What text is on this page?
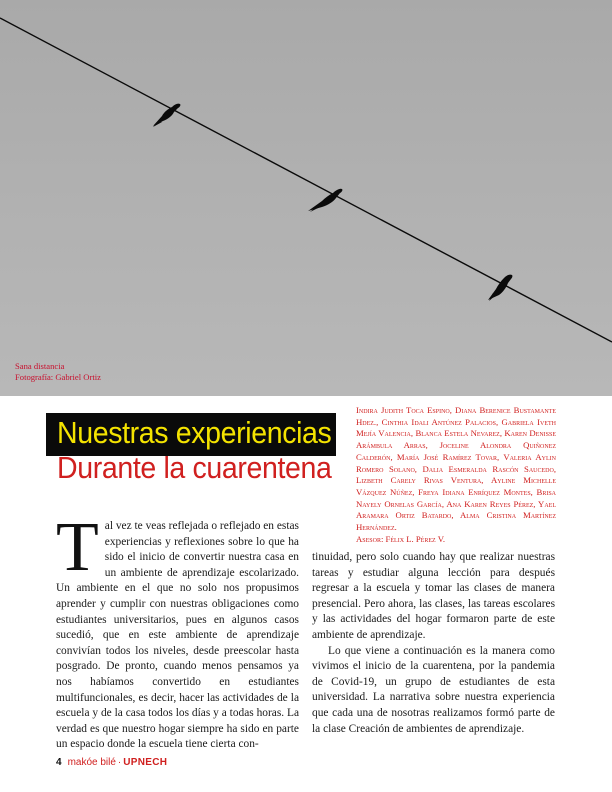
Sana distancia
Fotografía: Gabriel Ortiz
Nuestras experiencias
Durante la cuarentena
Indira Judith Toca Espino, Diana Berenice Bustamante Hdez., Cinthia Idali Antúnez Palacios, Gabriela Iveth Mejía Valencia, Blanca Estela Nevarez, Karen Denisse Arámbula Arras, Joceline Alondra Quiñonez Calderón, María José Ramírez Tovar, Valeria Aylin Romero Solano, Dalia Esmeralda Rascón Saucedo, Lizbeth Carely Rivas Ventura, Ayline Michelle Vázquez Núñez, Freya Idiana Enríquez Montes, Brisa Nayely Ornelas García, Ana Karen Reyes Pérez, Yael Aramara Ortiz Batardo, Alma Cristina Martínez Hernández.
Asesor: Félix L. Pérez V.
T al vez te veas reflejada o reflejado en estas experiencias y reflexiones sobre lo que ha sido el inicio de convertir nuestra casa en un ambiente de aprendizaje escolarizado. Un ambiente en el que no solo nos propusimos aprender y cumplir con nuestras obligaciones como estudiantes universitarios, pues en algunos casos sucedió, que en este ambiente de aprendizaje convivían todos los niveles, desde preescolar hasta posgrado. De pronto, cuando menos pensamos ya nos habíamos convertido en estudiantes multifuncionales, es decir, hacer las actividades de la escuela y de la casa todos los días y a todas horas. La verdad es que nuestro hogar siempre ha sido en parte un espacio donde la escuela tiene cierta con-

tinuidad, pero solo cuando hay que realizar nuestras tareas y estudiar alguna lección para después regresar a la escuela y tomar las clases de manera presencial. Pero ahora, las clases, las tareas escolares y las actividades del hogar formaron parte de este ambiente de aprendizaje.

Lo que viene a continuación es la manera como vivimos el inicio de la cuarentena, por la pandemia de Covid-19, un grupo de estudiantes de esta universidad. La narrativa sobre nuestra experiencia que cada una de nosotras realizamos formó parte de la clase Creación de ambientes de aprendizaje.

4 makóe bilé · UPNECH
